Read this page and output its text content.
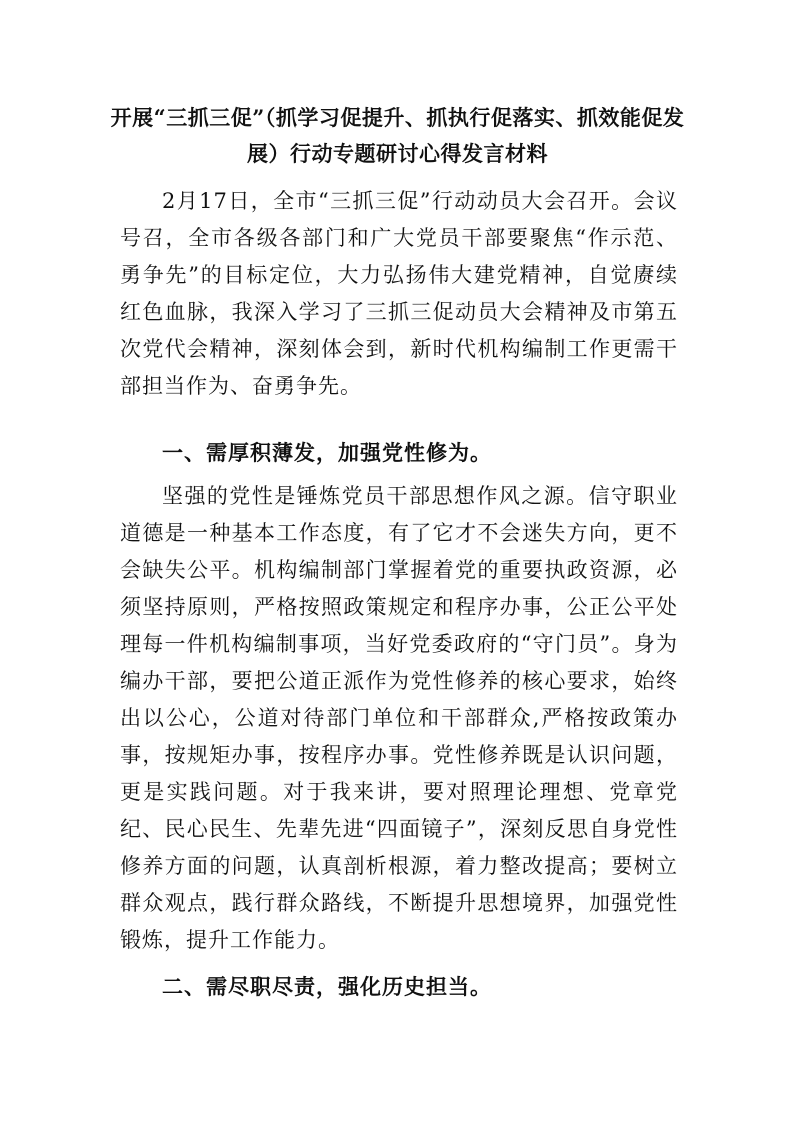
开展“三抓三促”（抓学习促提升、抓执行促落实、抓效能促发展）行动专题研讨心得发言材料

2月17日，全市“三抓三促”行动动员大会召开。会议号召，全市各级各部门和广大党员干部要聚焦“作示范、勇争先”的目标定位，大力弘扬伟大建党精神，自觉赓续红色血脉，我深入学习了三抓三促动员大会精神及市第五次党代会精神，深刻体会到，新时代机构编制工作更需干部担当作为、奋勇争先。

一、需厚积薄发，加强党性修为。

坚强的党性是锤炼党员干部思想作风之源。信守职业道德是一种基本工作态度，有了它才不会迷失方向，更不会缺失公平。机构编制部门掌握着党的重要执政资源，必须坚持原则，严格按照政策规定和程序办事，公正公平处理每一件机构编制事项，当好党委政府的“守门员”。身为编办干部，要把公道正派作为党性修养的核心要求，始终出以公心，公道对待部门单位和干部群众,严格按政策办事，按规矩办事，按程序办事。党性修养既是认识问题，更是实践问题。对于我来讲，要对照理论理想、党章党纪、民心民生、先辈先进“四面镜子”，深刻反思自身党性修养方面的问题，认真剖析根源，着力整改提高；要树立群众观点，践行群众路线，不断提升思想境界，加强党性锻炼，提升工作能力。

二、需尽职尽责，强化历史担当。
